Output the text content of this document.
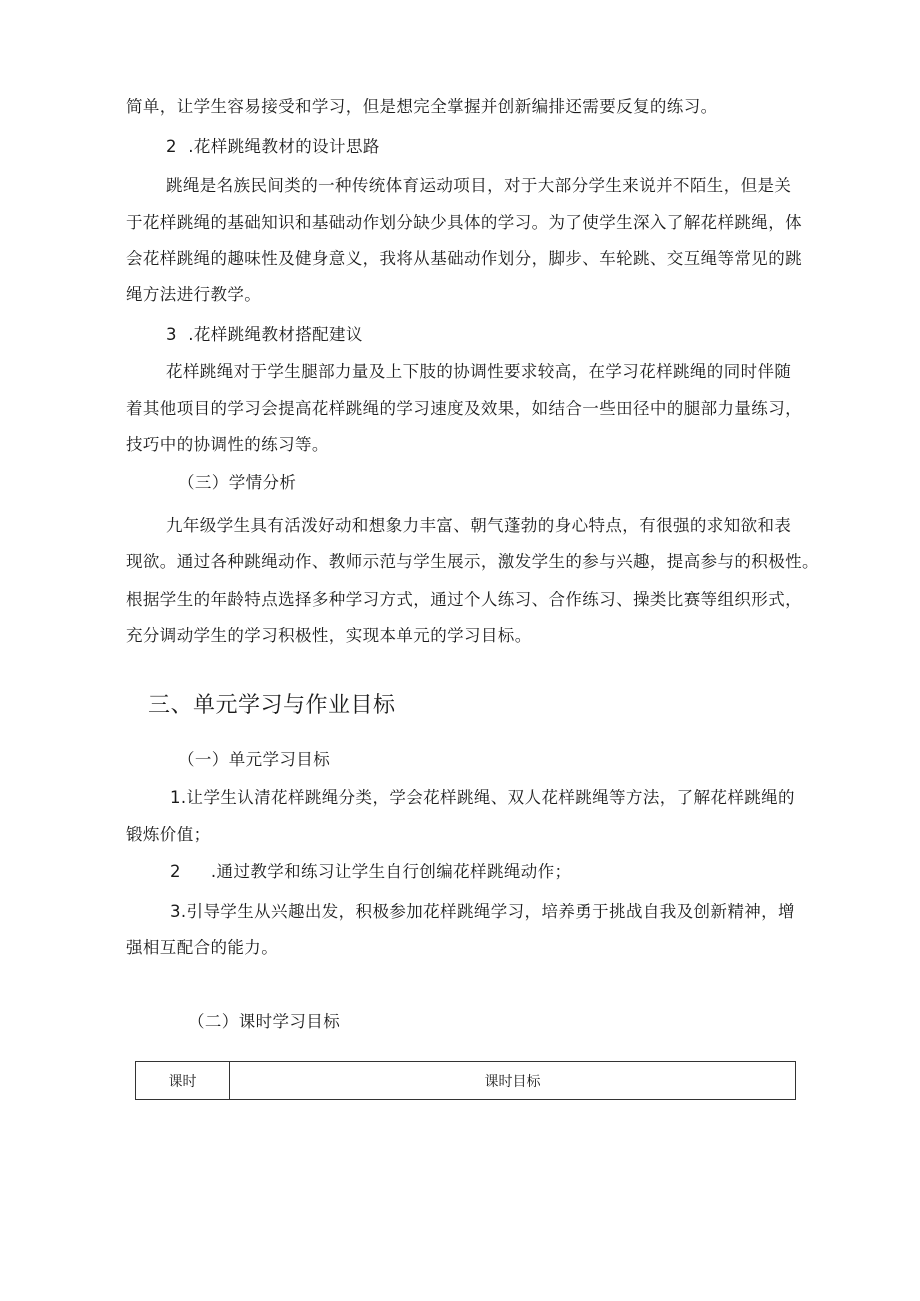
简单，让学生容易接受和学习，但是想完全掌握并创新编排还需要反复的练习。
2 .花样跳绳教材的设计思路
跳绳是名族民间类的一种传统体育运动项目，对于大部分学生来说并不陌生，但是关
于花样跳绳的基础知识和基础动作划分缺少具体的学习。为了使学生深入了解花样跳绳，体
会花样跳绳的趣味性及健身意义，我将从基础动作划分，脚步、车轮跳、交互绳等常见的跳
绳方法进行教学。
3 .花样跳绳教材搭配建议
花样跳绳对于学生腿部力量及上下肢的协调性要求较高，在学习花样跳绳的同时伴随
着其他项目的学习会提高花样跳绳的学习速度及效果，如结合一些田径中的腿部力量练习，
技巧中的协调性的练习等。
（三）学情分析
九年级学生具有活泼好动和想象力丰富、朝气蓬勃的身心特点，有很强的求知欲和表
现欲。通过各种跳绳动作、教师示范与学生展示，激发学生的参与兴趣，提高参与的积极性。
根据学生的年龄特点选择多种学习方式，通过个人练习、合作练习、操类比赛等组织形式，
充分调动学生的学习积极性，实现本单元的学习目标。
三、单元学习与作业目标
（一）单元学习目标
1.让学生认清花样跳绳分类，学会花样跳绳、双人花样跳绳等方法，了解花样跳绳的
锻炼价值；
2 .通过教学和练习让学生自行创编花样跳绳动作；
3.引导学生从兴趣出发，积极参加花样跳绳学习，培养勇于挑战自我及创新精神，增
强相互配合的能力。
（二）课时学习目标
课时	课时目标
